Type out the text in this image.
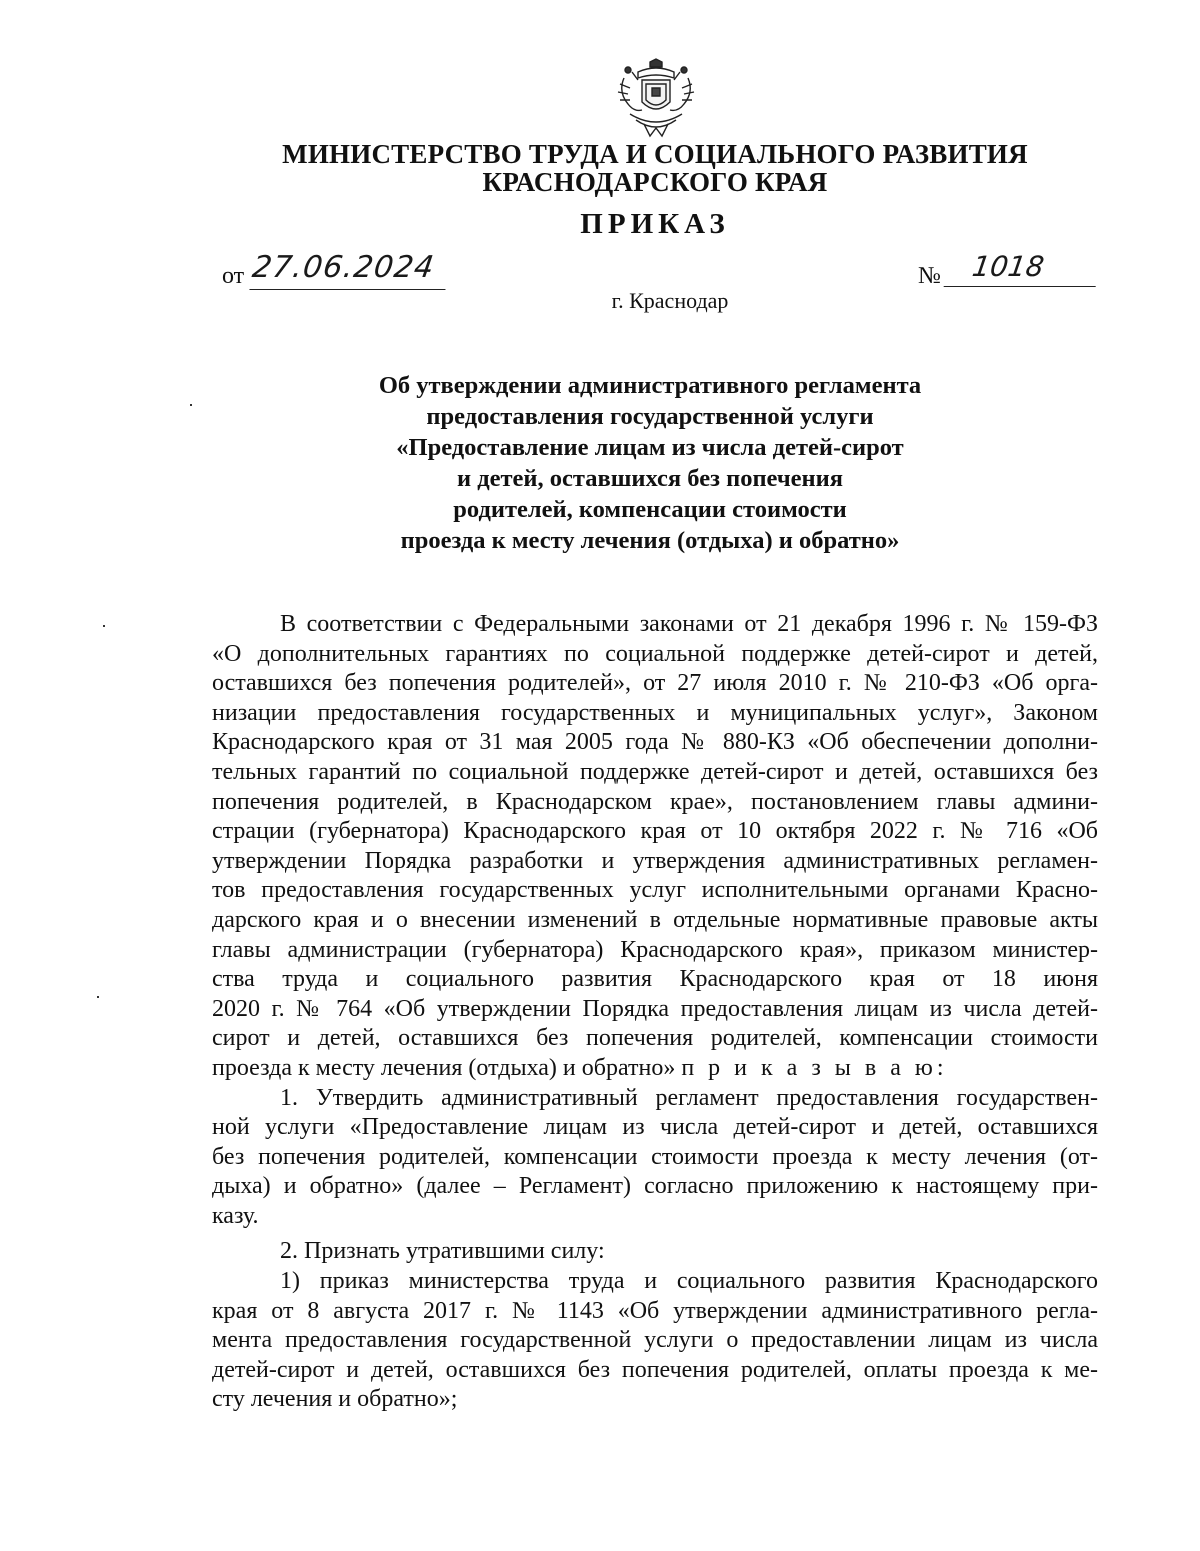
МИНИСТЕРСТВО ТРУДА И СОЦИАЛЬНОГО РАЗВИТИЯ
КРАСНОДАРСКОГО КРАЯ
ПРИКАЗ
от 27.06.2024	№	1018
г. Краснодар
Об утверждении административного регламента
предоставления государственной услуги
«Предоставление лицам из числа детей-сирот
и детей, оставшихся без попечения
родителей, компенсации стоимости
проезда к месту лечения (отдыха) и обратно»
В соответствии с Федеральными законами от 21 декабря 1996 г. № 159-ФЗ
«О дополнительных гарантиях по социальной поддержке детей-сирот и детей,
оставшихся без попечения родителей», от 27 июля 2010 г. № 210-ФЗ «Об орга-
низации предоставления государственных и муниципальных услуг», Законом
Краснодарского края от 31 мая 2005 года № 880-КЗ «Об обеспечении дополни-
тельных гарантий по социальной поддержке детей-сирот и детей, оставшихся без
попечения родителей, в Краснодарском крае», постановлением главы админи-
страции (губернатора) Краснодарского края от 10 октября 2022 г. № 716 «Об
утверждении Порядка разработки и утверждения административных регламен-
тов предоставления государственных услуг исполнительными органами Красно-
дарского края и о внесении изменений в отдельные нормативные правовые акты
главы администрации (губернатора) Краснодарского края», приказом министер-
ства труда и социального развития Краснодарского края от 18 июня
2020 г. № 764 «Об утверждении Порядка предоставления лицам из числа детей-
сирот и детей, оставшихся без попечения родителей, компенсации стоимости
проезда к месту лечения (отдыха) и обратно» п р и к а з ы в а ю:
1. Утвердить административный регламент предоставления государствен-
ной услуги «Предоставление лицам из числа детей-сирот и детей, оставшихся
без попечения родителей, компенсации стоимости проезда к месту лечения (от-
дыха) и обратно» (далее – Регламент) согласно приложению к настоящему при-
казу.
2. Признать утратившими силу:
1) приказ министерства труда и социального развития Краснодарского
края от 8 августа 2017 г. № 1143 «Об утверждении административного регла-
мента предоставления государственной услуги о предоставлении лицам из числа
детей-сирот и детей, оставшихся без попечения родителей, оплаты проезда к ме-
сту лечения и обратно»;
